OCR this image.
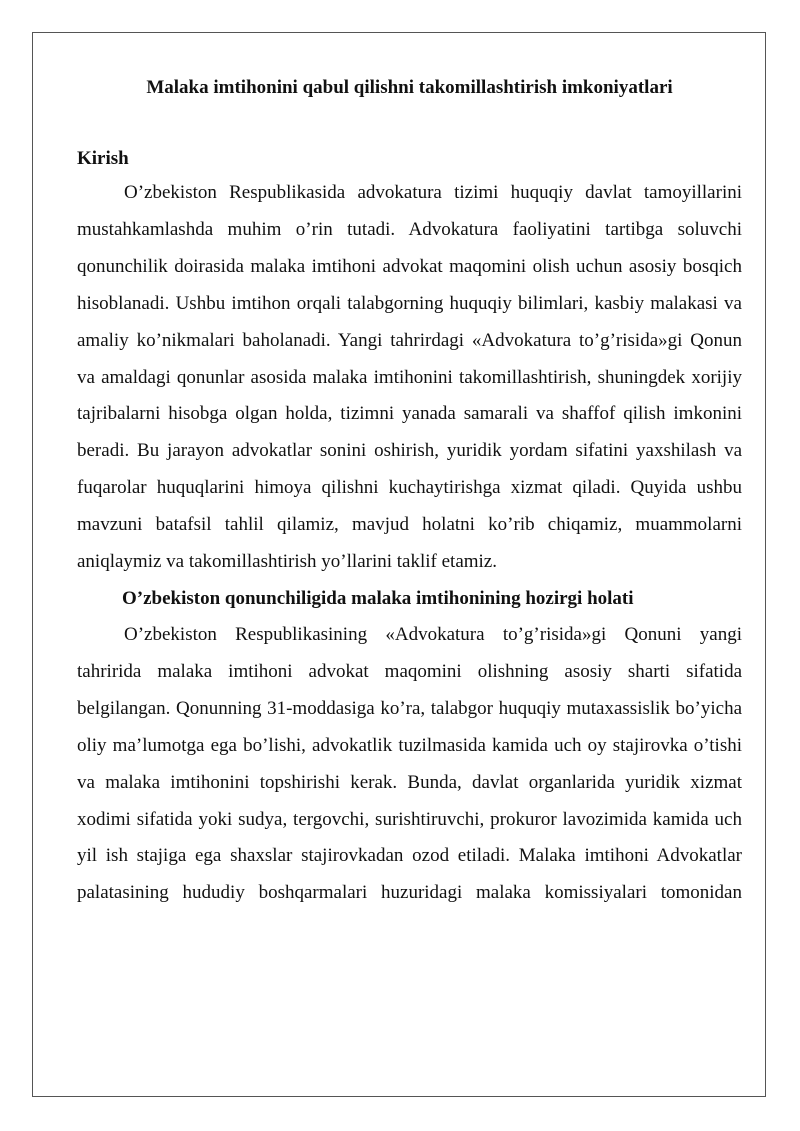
Malaka imtihonini qabul qilishni takomillashtirish imkoniyatlari

Kirish

O’zbekiston Respublikasida advokatura tizimi huquqiy davlat tamoyillarini mustahkamlashda muhim o’rin tutadi. Advokatura faoliyatini tartibga soluvchi qonunchilik doirasida malaka imtihoni advokat maqomini olish uchun asosiy bosqich hisoblanadi. Ushbu imtihon orqali talabgorning huquqiy bilimlari, kasbiy malakasi va amaliy ko’nikmalari baholanadi. Yangi tahrirdagi «Advokatura to’g’risida»gi Qonun va amaldagi qonunlar asosida malaka imtihonini takomillashtirish, shuningdek xorijiy tajribalarni hisobga olgan holda, tizimni yanada samarali va shaffof qilish imkonini beradi. Bu jarayon advokatlar sonini oshirish, yuridik yordam sifatini yaxshilash va fuqarolar huquqlarini himoya qilishni kuchaytirishga xizmat qiladi. Quyida ushbu mavzuni batafsil tahlil qilamiz, mavjud holatni ko’rib chiqamiz, muammolarni aniqlaymiz va takomillashtirish yo’llarini taklif etamiz.

O’zbekiston qonunchiligida malaka imtihonining hozirgi holati

O’zbekiston Respublikasining «Advokatura to’g’risida»gi Qonuni yangi tahririda malaka imtihoni advokat maqomini olishning asosiy sharti sifatida belgilangan. Qonunning 31-moddasiga ko’ra, talabgor huquqiy mutaxassislik bo’yicha oliy ma’lumotga ega bo’lishi, advokatlik tuzilmasida kamida uch oy stajirovka o’tishi va malaka imtihonini topshirishi kerak. Bunda, davlat organlarida yuridik xizmat xodimi sifatida yoki sudya, tergovchi, surishtiruvchi, prokuror lavozimida kamida uch yil ish stajiga ega shaxslar stajirovkadan ozod etiladi. Malaka imtihoni Advokatlar palatasining hududiy boshqarmalari huzuridagi malaka komissiyalari tomonidan
